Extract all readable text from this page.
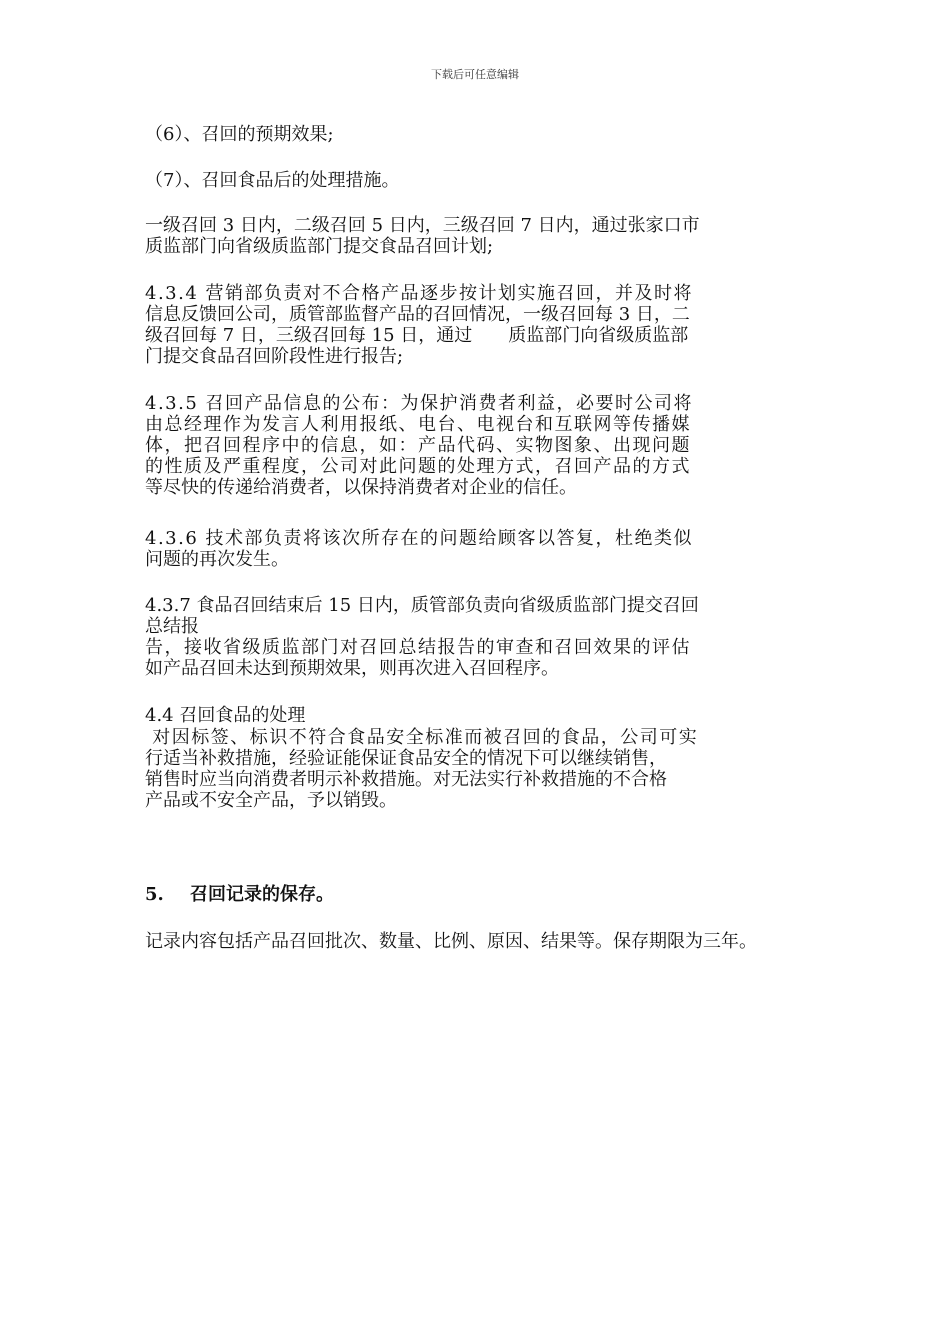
下载后可任意编辑
（6）、召回的预期效果;
（7）、召回食品后的处理措施。
一级召回 3 日内，二级召回 5 日内，三级召回 7 日内，通过张家口市
质监部门向省级质监部门提交食品召回计划;
4.3.4 营销部负责对不合格产品逐步按计划实施召回，并及时将
信息反馈回公司，质管部监督产品的召回情况，一级召回每 3 日，二
级召回每 7 日，三级召回每 15 日，通过　　质监部门向省级质监部
门提交食品召回阶段性进行报告;
4.3.5 召回产品信息的公布：为保护消费者利益，必要时公司将
由总经理作为发言人利用报纸、电台、电视台和互联网等传播媒
体，把召回程序中的信息，如：产品代码、实物图象、出现问题
的性质及严重程度，公司对此问题的处理方式，召回产品的方式
等尽快的传递给消费者，以保持消费者对企业的信任。
4.3.6 技术部负责将该次所存在的问题给顾客以答复，杜绝类似
问题的再次发生。
4.3.7 食品召回结束后 15 日内，质管部负责向省级质监部门提交召回
总结报
告，接收省级质监部门对召回总结报告的审查和召回效果的评估
如产品召回未达到预期效果，则再次进入召回程序。
4.4 召回食品的处理
对因标签、标识不符合食品安全标准而被召回的食品，公司可实
行适当补救措施，经验证能保证食品安全的情况下可以继续销售，
销售时应当向消费者明示补救措施。对无法实行补救措施的不合格
产品或不安全产品，予以销毁。
5. 召回记录的保存。
记录内容包括产品召回批次、数量、比例、原因、结果等。保存期限为三年。
